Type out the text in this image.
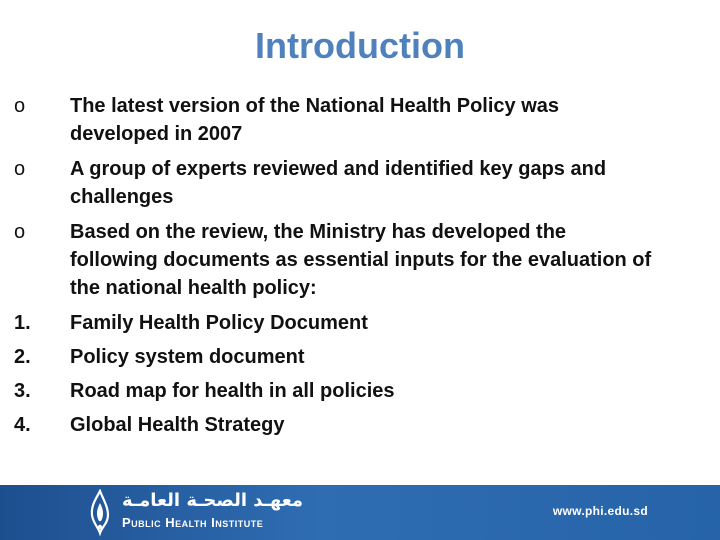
Introduction
o	The latest version of the National Health Policy was
developed in 2007
o	A group of experts reviewed and identified key gaps and
challenges
o	Based on the review, the Ministry has developed the
following documents as essential inputs for the evaluation of
the national health policy:
1.	Family Health Policy Document
2.	Policy system document
3.	Road map for health in all policies
4.	Global Health Strategy
معهـد الصحـة العامـة
Public Health Institute
www.phi.edu.sd
